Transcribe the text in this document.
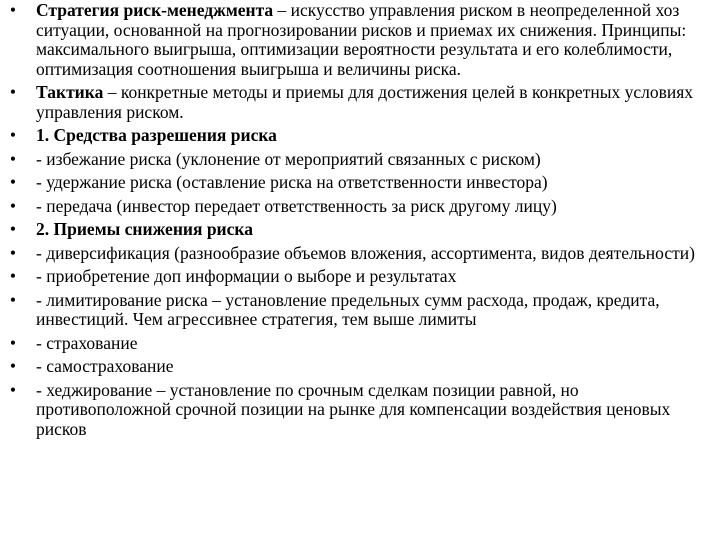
• Стратегия риск-менеджмента – искусство управления риском в неопределенной хоз ситуации, основанной на прогнозировании рисков и приемах их снижения. Принципы: максимального выигрыша, оптимизации вероятности результата и его колеблимости, оптимизация соотношения выигрыша и величины риска.
• Тактика – конкретные методы и приемы для достижения целей в конкретных условиях управления риском.
• 1. Средства разрешения риска
• - избежание риска (уклонение от мероприятий связанных с риском)
• - удержание риска (оставление риска на ответственности инвестора)
• - передача (инвестор передает ответственность за риск другому лицу)
• 2. Приемы снижения риска
• - диверсификация (разнообразие объемов вложения, ассортимента, видов деятельности)
• - приобретение доп информации о выборе и результатах
• - лимитирование риска – установление предельных сумм расхода, продаж, кредита, инвестиций. Чем агрессивнее стратегия, тем выше лимиты
• - страхование
• - самострахование
• - хеджирование – установление по срочным сделкам позиции равной, но противоположной срочной позиции на рынке для компенсации воздействия ценовых рисков
